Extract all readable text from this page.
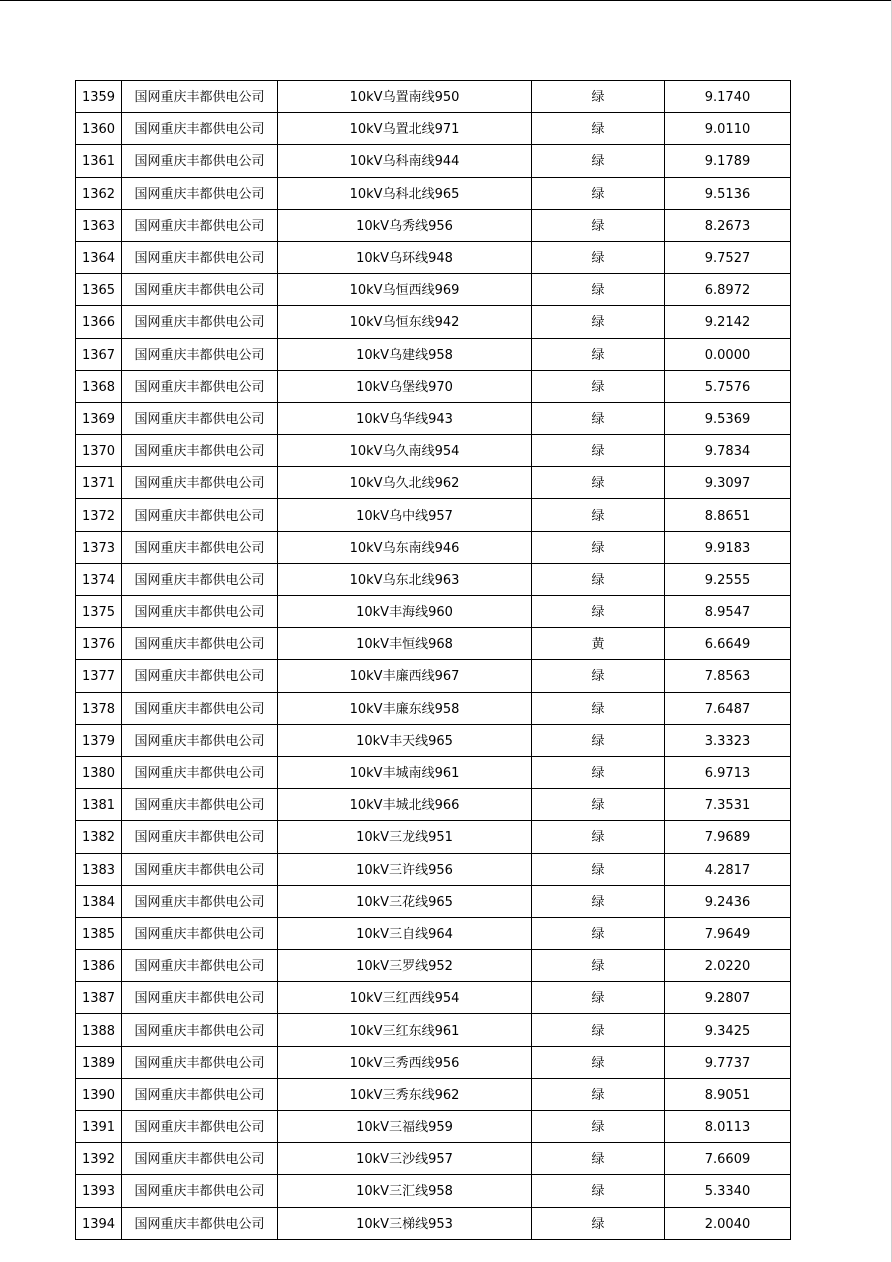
1359	国网重庆丰都供电公司	10kV乌置南线950	绿	9.1740
1360	国网重庆丰都供电公司	10kV乌置北线971	绿	9.0110
1361	国网重庆丰都供电公司	10kV乌科南线944	绿	9.1789
1362	国网重庆丰都供电公司	10kV乌科北线965	绿	9.5136
1363	国网重庆丰都供电公司	10kV乌秀线956	绿	8.2673
1364	国网重庆丰都供电公司	10kV乌环线948	绿	9.7527
1365	国网重庆丰都供电公司	10kV乌恒西线969	绿	6.8972
1366	国网重庆丰都供电公司	10kV乌恒东线942	绿	9.2142
1367	国网重庆丰都供电公司	10kV乌建线958	绿	0.0000
1368	国网重庆丰都供电公司	10kV乌堡线970	绿	5.7576
1369	国网重庆丰都供电公司	10kV乌华线943	绿	9.5369
1370	国网重庆丰都供电公司	10kV乌久南线954	绿	9.7834
1371	国网重庆丰都供电公司	10kV乌久北线962	绿	9.3097
1372	国网重庆丰都供电公司	10kV乌中线957	绿	8.8651
1373	国网重庆丰都供电公司	10kV乌东南线946	绿	9.9183
1374	国网重庆丰都供电公司	10kV乌东北线963	绿	9.2555
1375	国网重庆丰都供电公司	10kV丰海线960	绿	8.9547
1376	国网重庆丰都供电公司	10kV丰恒线968	黄	6.6649
1377	国网重庆丰都供电公司	10kV丰廉西线967	绿	7.8563
1378	国网重庆丰都供电公司	10kV丰廉东线958	绿	7.6487
1379	国网重庆丰都供电公司	10kV丰天线965	绿	3.3323
1380	国网重庆丰都供电公司	10kV丰城南线961	绿	6.9713
1381	国网重庆丰都供电公司	10kV丰城北线966	绿	7.3531
1382	国网重庆丰都供电公司	10kV三龙线951	绿	7.9689
1383	国网重庆丰都供电公司	10kV三许线956	绿	4.2817
1384	国网重庆丰都供电公司	10kV三花线965	绿	9.2436
1385	国网重庆丰都供电公司	10kV三自线964	绿	7.9649
1386	国网重庆丰都供电公司	10kV三罗线952	绿	2.0220
1387	国网重庆丰都供电公司	10kV三红西线954	绿	9.2807
1388	国网重庆丰都供电公司	10kV三红东线961	绿	9.3425
1389	国网重庆丰都供电公司	10kV三秀西线956	绿	9.7737
1390	国网重庆丰都供电公司	10kV三秀东线962	绿	8.9051
1391	国网重庆丰都供电公司	10kV三福线959	绿	8.0113
1392	国网重庆丰都供电公司	10kV三沙线957	绿	7.6609
1393	国网重庆丰都供电公司	10kV三汇线958	绿	5.3340
1394	国网重庆丰都供电公司	10kV三梯线953	绿	2.0040
